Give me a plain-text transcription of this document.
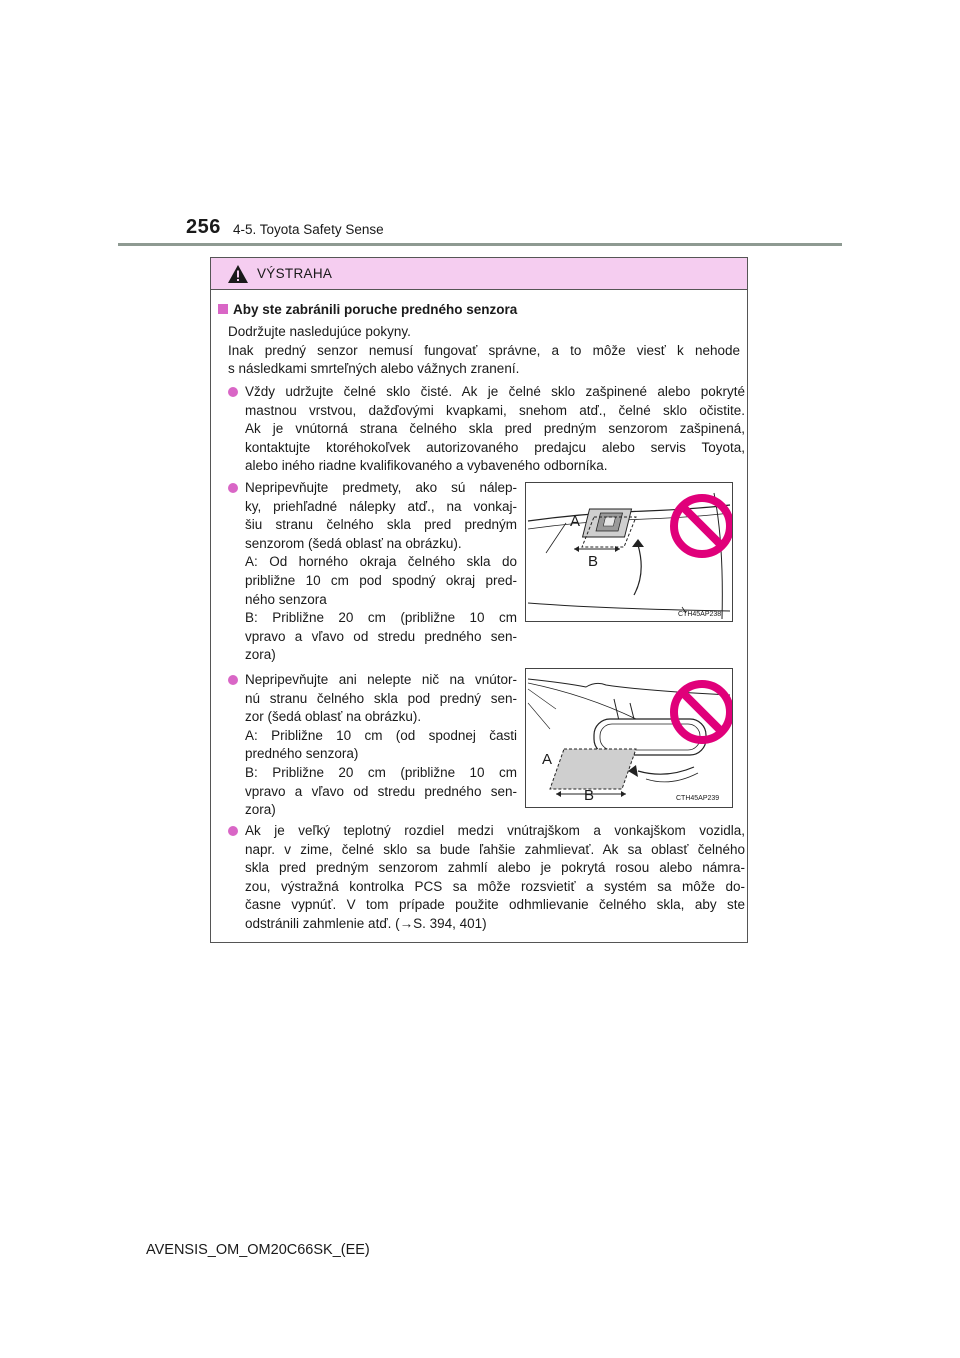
256 4-5. Toyota Safety Sense
VÝSTRAHA
Aby ste zabránili poruche predného senzora
Dodržujte nasledujúce pokyny.
Inak predný senzor nemusí fungovať správne, a to môže viesť k nehode
s následkami smrteľných alebo vážnych zranení.
Vždy udržujte čelné sklo čisté. Ak je čelné sklo zašpinené alebo pokryté
mastnou vrstvou, dažďovými kvapkami, snehom atď., čelné sklo očistite.
Ak je vnútorná strana čelného skla pred predným senzorom zašpinená,
kontaktujte ktoréhokoľvek autorizovaného predajcu alebo servis Toyota,
alebo iného riadne kvalifikovaného a vybaveného odborníka.
Nepripevňujte predmety, ako sú nálep-
ky, priehľadné nálepky atď., na vonkaj-
šiu stranu čelného skla pred predným
senzorom (šedá oblasť na obrázku).
A: Od horného okraja čelného skla do
približne 10 cm pod spodný okraj pred-
ného senzora
B: Približne 20 cm (približne 10 cm
vpravo a vľavo od stredu predného sen-
zora)
A
B
CTH45AP238
Nepripevňujte ani nelepte nič na vnútor-
nú stranu čelného skla pod predný sen-
zor (šedá oblasť na obrázku).
A: Približne 10 cm (od spodnej časti
predného senzora)
B: Približne 20 cm (približne 10 cm
vpravo a vľavo od stredu predného sen-
zora)
A
B	CTH45AP239
Ak je veľký teplotný rozdiel medzi vnútrajškom a vonkajškom vozidla,
napr. v zime, čelné sklo sa bude ľahšie zahmlievať. Ak sa oblasť čelného
skla pred predným senzorom zahmlí alebo je pokrytá rosou alebo námra-
zou, výstražná kontrolka PCS sa môže rozsvietiť a systém sa môže do-
časne vypnúť. V tom prípade použite odhmlievanie čelného skla, aby ste
odstránili zahmlenie atď. (→S. 394, 401)
AVENSIS_OM_OM20C66SK_(EE)
